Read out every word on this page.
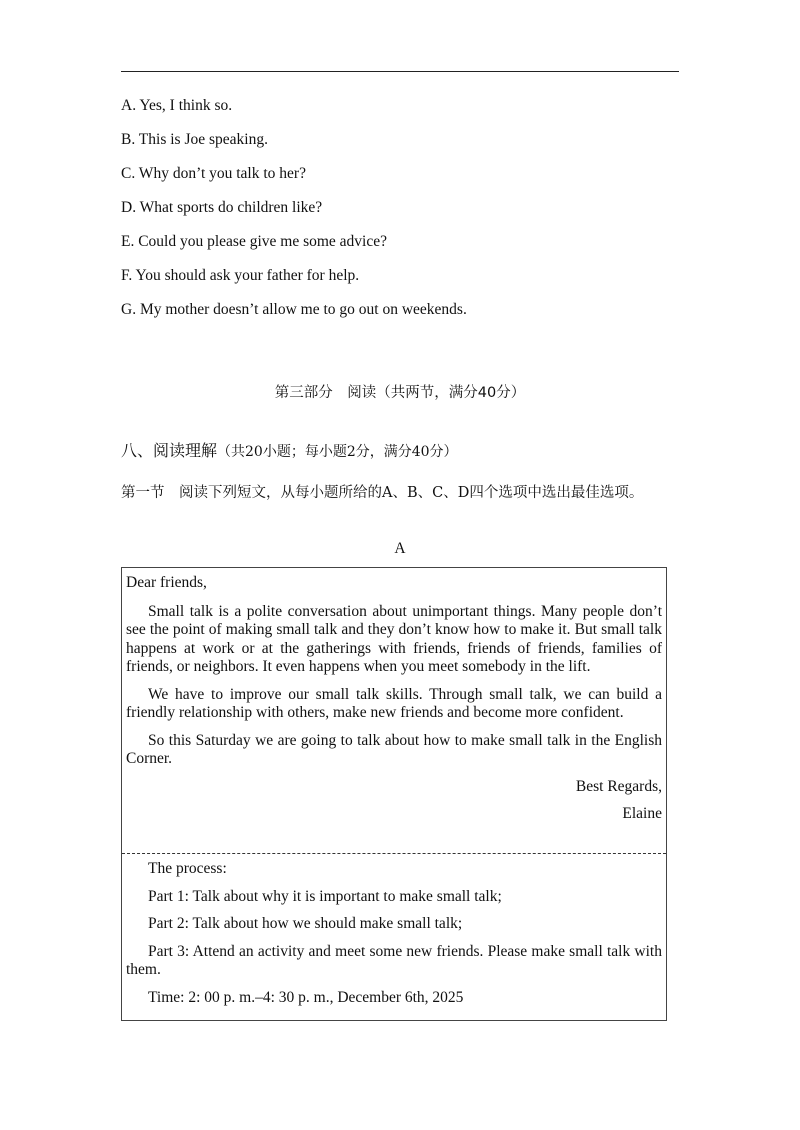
A. Yes, I think so.

B. This is Joe speaking.

C. Why don’t you talk to her?

D. What sports do children like?

E. Could you please give me some advice?

F. You should ask your father for help.

G. My mother doesn’t allow me to go out on weekends.

第三部分　阅读（共两节，满分40分）
八、阅读理解（共20小题；每小题2分，满分40分）
第一节　阅读下列短文，从每小题所给的A、B、C、D四个选项中选出最佳选项。
A

Dear friends,

Small talk is a polite conversation about unimportant things. Many people don’t see the point of making small talk and they don’t know how to make it. But small talk happens at work or at the gatherings with friends, friends of friends, families of friends, or neighbors. It even happens when you meet somebody in the lift.

We have to improve our small talk skills. Through small talk, we can build a friendly relationship with others, make new friends and become more confident.

So this Saturday we are going to talk about how to make small talk in the English Corner.

Best Regards,

Elaine

The process:

Part 1: Talk about why it is important to make small talk;

Part 2: Talk about how we should make small talk;

Part 3: Attend an activity and meet some new friends. Please make small talk with them.

Time: 2: 00 p. m.–4: 30 p. m., December 6th, 2025
